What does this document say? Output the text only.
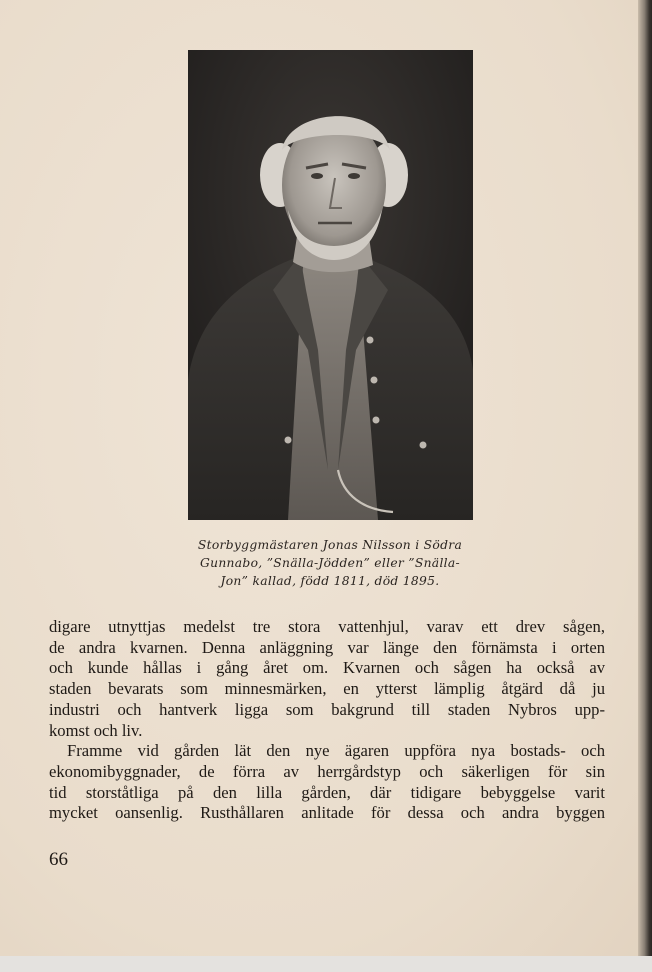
Storbyggmästaren Jonas Nilsson i Södra
Gunnabo, ”Snälla-Jödden” eller ”Snälla-
Jon” kallad, född 1811, död 1895.
digare utnyttjas medelst tre stora vattenhjul, varav ett drev sågen,
de andra kvarnen. Denna anläggning var länge den förnämsta i orten
och kunde hållas i gång året om. Kvarnen och sågen ha också av
staden bevarats som minnesmärken, en ytterst lämplig åtgärd då ju
industri och hantverk ligga som bakgrund till staden Nybros upp-
komst och liv.
Framme vid gården lät den nye ägaren uppföra nya bostads- och
ekonomibyggnader, de förra av herrgårdstyp och säkerligen för sin
tid storståtliga på den lilla gården, där tidigare bebyggelse varit
mycket oansenlig. Rusthållaren anlitade för dessa och andra byggen
66
